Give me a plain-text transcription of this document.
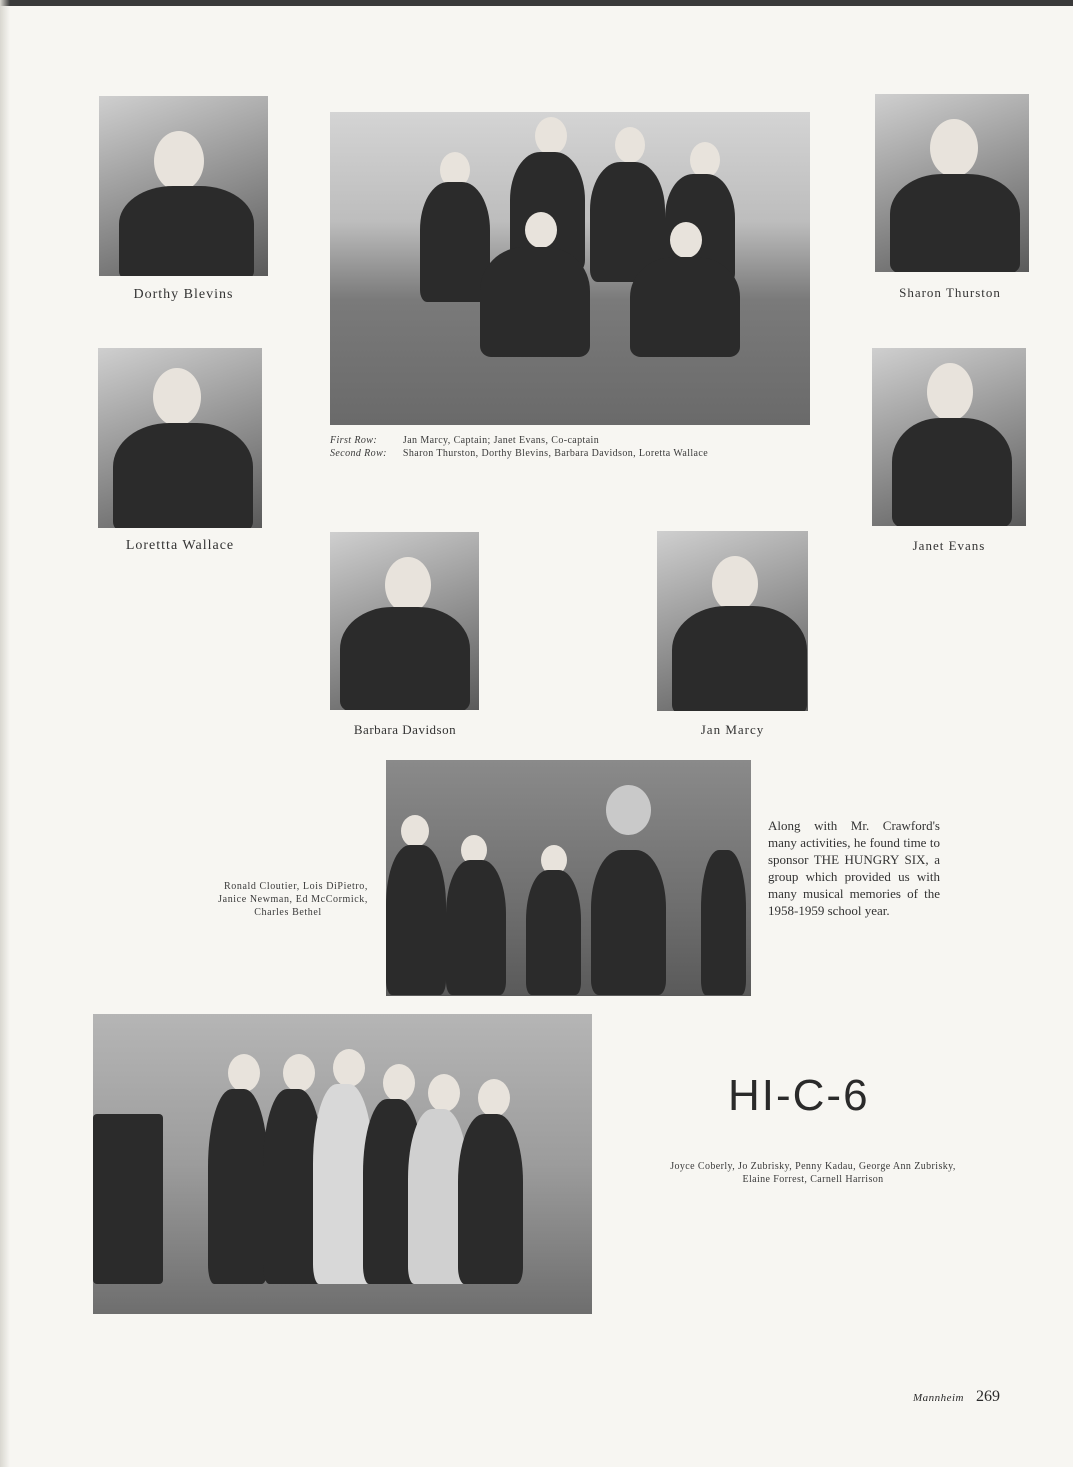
Dorthy Blevins
First Row:	Jan Marcy, Captain; Janet Evans, Co-captain
Second Row: Sharon Thurston, Dorthy Blevins, Barbara Davidson, Loretta Wallace
Sharon Thurston
Lorettta Wallace	Janet Evans
Barbara Davidson	Jan Marcy
Ronald Cloutier, Lois DiPietro,
Janice Newman, Ed McCormick,
Charles Bethel
Along with Mr. Crawford's many activities, he found time to sponsor THE HUNGRY SIX, a group which provided us with many musical memories of the 1958-1959 school year.
HI-C-6
Joyce Coberly, Jo Zubrisky, Penny Kadau, George Ann Zubrisky,
Elaine Forrest, Carnell Harrison
Mannheim 269
